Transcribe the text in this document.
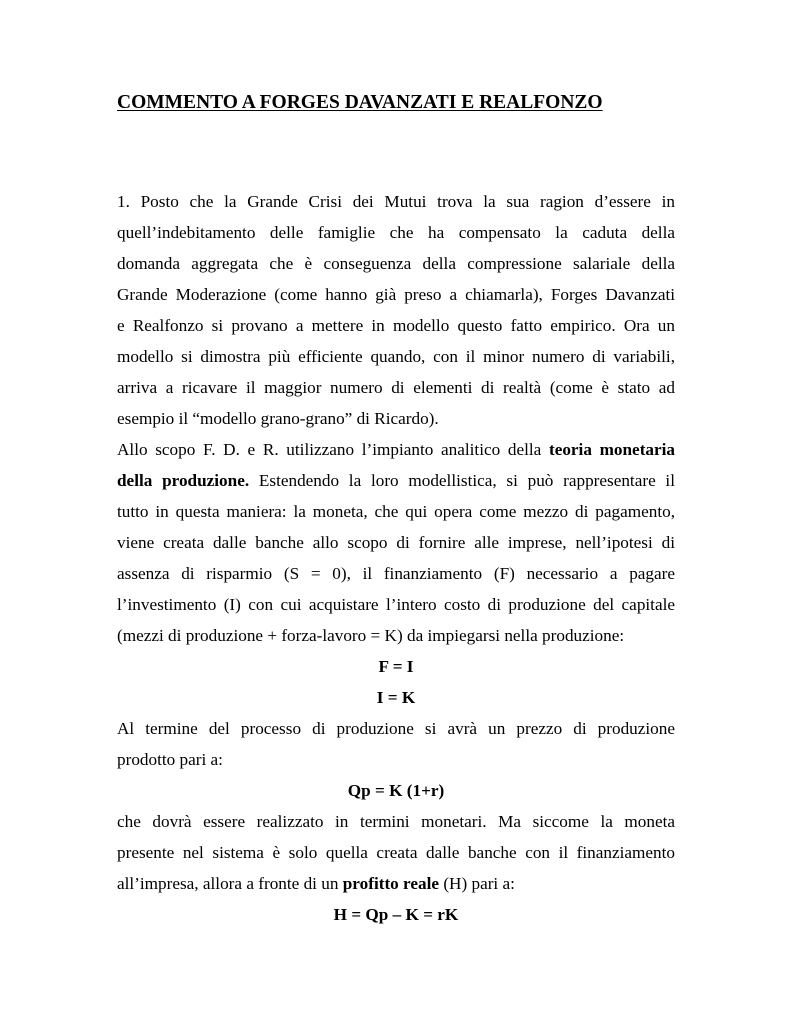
COMMENTO A FORGES DAVANZATI E REALFONZO
1. Posto che la Grande Crisi dei Mutui trova la sua ragion d’essere in
quell’indebitamento delle famiglie che ha compensato la caduta della
domanda aggregata che è conseguenza della compressione salariale della
Grande Moderazione (come hanno già preso a chiamarla), Forges Davanzati
e Realfonzo si provano a mettere in modello questo fatto empirico. Ora un
modello si dimostra più efficiente quando, con il minor numero di variabili,
arriva a ricavare il maggior numero di elementi di realtà (come è stato ad
esempio il “modello grano-grano” di Ricardo).
Allo scopo F. D. e R. utilizzano l’impianto analitico della teoria monetaria
della produzione. Estendendo la loro modellistica, si può rappresentare il
tutto in questa maniera: la moneta, che qui opera come mezzo di pagamento,
viene creata dalle banche allo scopo di fornire alle imprese, nell’ipotesi di
assenza di risparmio (S = 0), il finanziamento (F) necessario a pagare
l’investimento (I) con cui acquistare l’intero costo di produzione del capitale
(mezzi di produzione + forza-lavoro = K) da impiegarsi nella produzione:
F = I
I = K
Al termine del processo di produzione si avrà un prezzo di produzione
prodotto pari a:
Qp = K (1+r)
che dovrà essere realizzato in termini monetari. Ma siccome la moneta
presente nel sistema è solo quella creata dalle banche con il finanziamento
all’impresa, allora a fronte di un profitto reale (H) pari a:
H = Qp – K = rK
